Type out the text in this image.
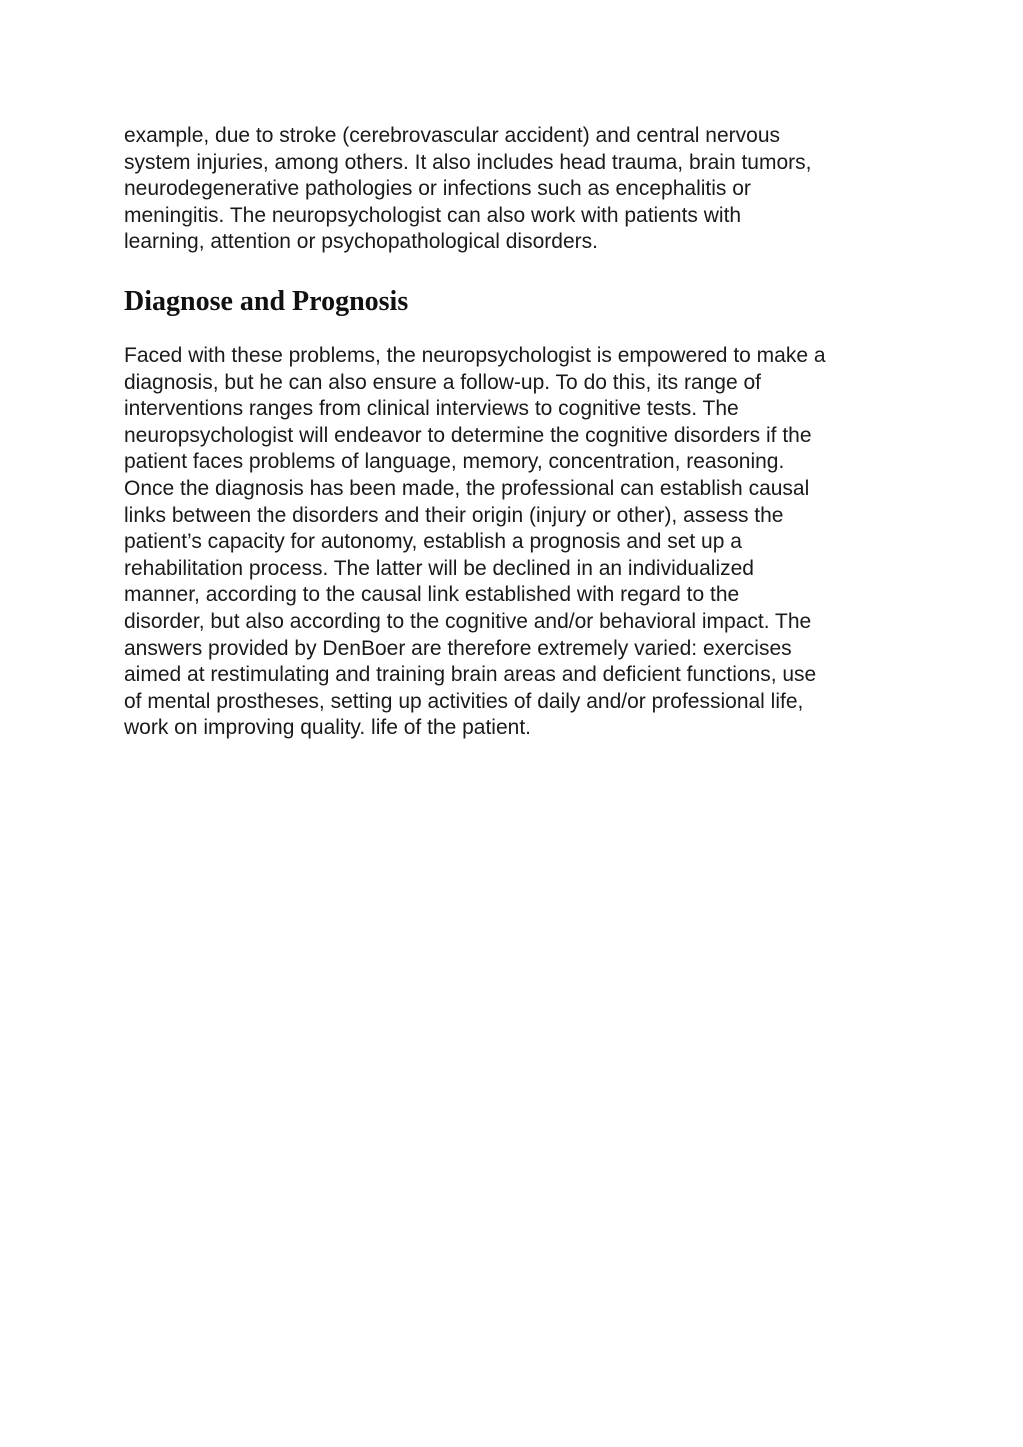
example, due to stroke (cerebrovascular accident) and central nervous
system injuries, among others. It also includes head trauma, brain tumors,
neurodegenerative pathologies or infections such as encephalitis or
meningitis. The neuropsychologist can also work with patients with
learning, attention or psychopathological disorders.

Diagnose and Prognosis

Faced with these problems, the neuropsychologist is empowered to make a
diagnosis, but he can also ensure a follow-up. To do this, its range of
interventions ranges from clinical interviews to cognitive tests. The
neuropsychologist will endeavor to determine the cognitive disorders if the
patient faces problems of language, memory, concentration, reasoning.
Once the diagnosis has been made, the professional can establish causal
links between the disorders and their origin (injury or other), assess the
patient’s capacity for autonomy, establish a prognosis and set up a
rehabilitation process. The latter will be declined in an individualized
manner, according to the causal link established with regard to the
disorder, but also according to the cognitive and/or behavioral impact. The
answers provided by DenBoer are therefore extremely varied: exercises
aimed at restimulating and training brain areas and deficient functions, use
of mental prostheses, setting up activities of daily and/or professional life,
work on improving quality. life of the patient.
